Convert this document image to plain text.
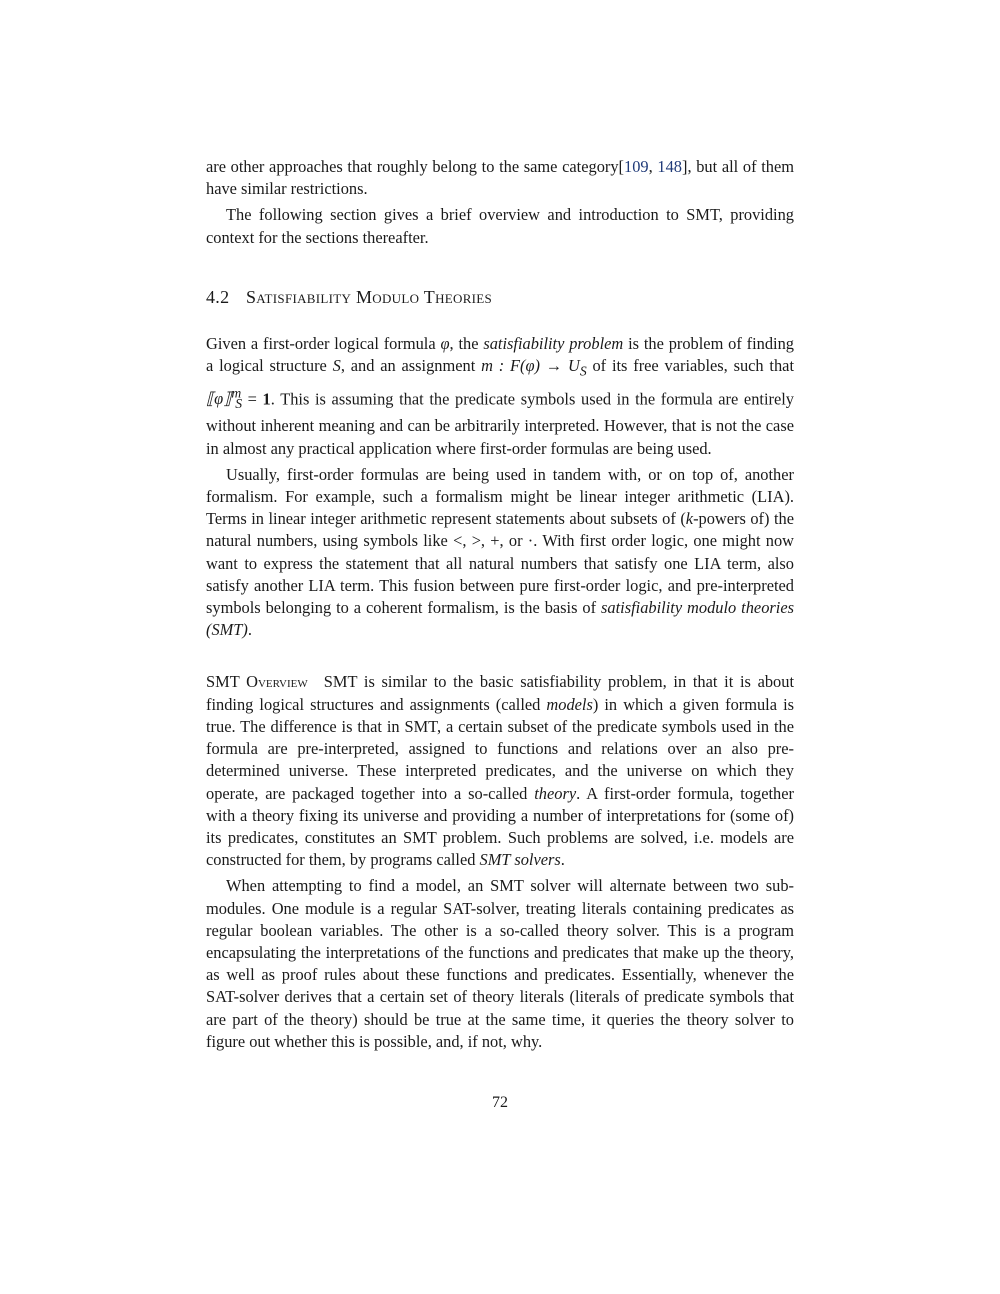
are other approaches that roughly belong to the same category[109, 148], but all of them have similar restrictions.

The following section gives a brief overview and introduction to SMT, providing context for the sections thereafter.

4.2 Satisfiability Modulo Theories

Given a first-order logical formula φ, the satisfiability problem is the problem of finding a logical structure S, and an assignment m : $F(\varphi) \to U_S$ of its free variables, such that ⟦φ⟧$^m_S$ = 1. This is assuming that the predicate symbols used in the formula are entirely without inherent meaning and can be arbitrarily interpreted. However, that is not the case in almost any practical application where first-order formulas are being used.

Usually, first-order formulas are being used in tandem with, or on top of, another formalism. For example, such a formalism might be linear integer arithmetic (LIA). Terms in linear integer arithmetic represent statements about subsets of (k-powers of) the natural numbers, using symbols like <, >, +, or ·. With first order logic, one might now want to express the statement that all natural numbers that satisfy one LIA term, also satisfy another LIA term. This fusion between pure first-order logic, and pre-interpreted symbols belonging to a coherent formalism, is the basis of satisfiability modulo theories (SMT).

SMT Overview SMT is similar to the basic satisfiability problem, in that it is about finding logical structures and assignments (called models) in which a given formula is true. The difference is that in SMT, a certain subset of the predicate symbols used in the formula are pre-interpreted, assigned to functions and relations over an also pre-determined universe. These interpreted predicates, and the universe on which they operate, are packaged together into a so-called theory. A first-order formula, together with a theory fixing its universe and providing a number of interpretations for (some of) its predicates, constitutes an SMT problem. Such problems are solved, i.e. models are constructed for them, by programs called SMT solvers.

When attempting to find a model, an SMT solver will alternate between two sub-modules. One module is a regular SAT-solver, treating literals containing predicates as regular boolean variables. The other is a so-called theory solver. This is a program encapsulating the interpretations of the functions and predicates that make up the theory, as well as proof rules about these functions and predicates. Essentially, whenever the SAT-solver derives that a certain set of theory literals (literals of predicate symbols that are part of the theory) should be true at the same time, it queries the theory solver to figure out whether this is possible, and, if not, why.

72
